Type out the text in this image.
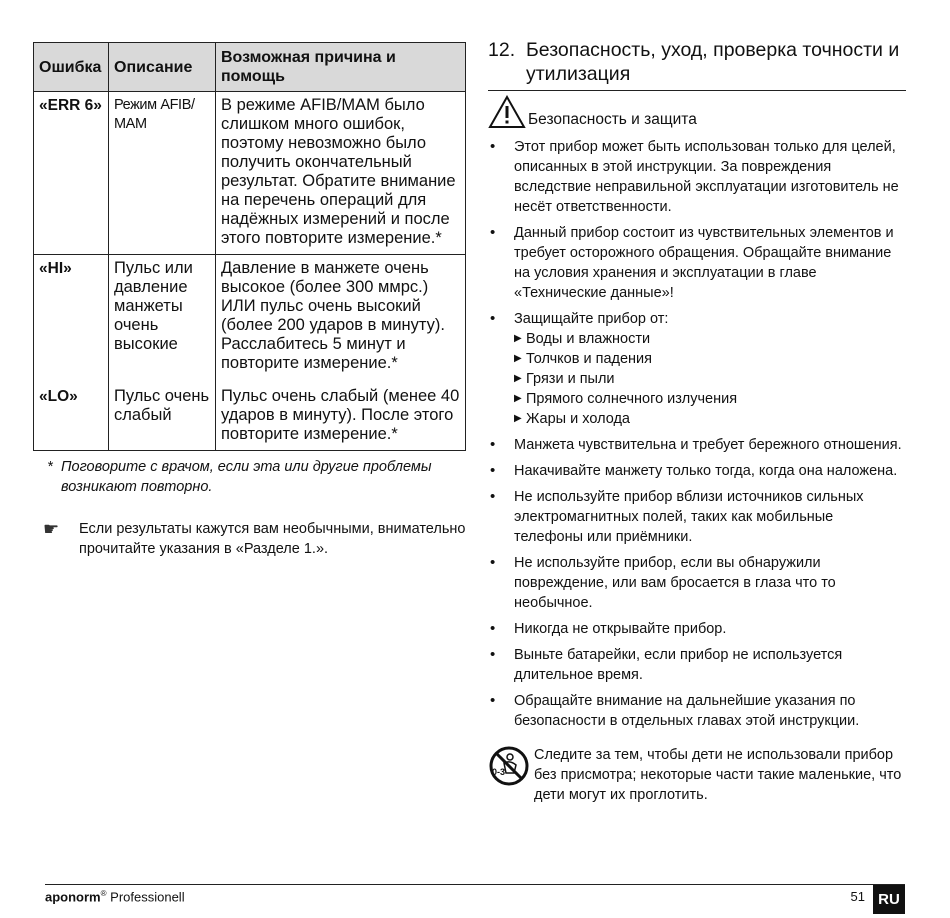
Ошибка	Описание	Возможная причина и помощь
«ERR 6»	Режим AFIB/ МАМ	В режиме AFIB/MAM было слишком много ошибок, поэтому невозможно было получить окончательный результат. Обратите внимание на перечень операций для надёжных измерений и после этого повторите измерение.*
«HI»	Пульс или давление манжеты очень высокие	Давление в манжете очень высокое (более 300 ммрс.) ИЛИ пульс очень высокий (более 200 ударов в минуту). Расслабитесь 5 минут и повторите измерение.*
«LO»	Пульс очень слабый	Пульс очень слабый (менее 40 ударов в минуту). После этого повторите измерение.*
* Поговорите с врачом, если эта или другие проблемы возникают повторно.
☛	Если результаты кажутся вам необычными, внимательно прочитайте указания в «Разделе 1.».
12. Безопасность, уход, проверка точности и утилизация
Безопасность и защита
• Этот прибор может быть использован только для целей, описанных в этой инструкции. За повреждения вследствие неправильной эксплуатации изготовитель не несёт ответственности.
• Данный прибор состоит из чувствительных элементов и требует осторожного обращения. Обращайте внимание на условия хранения и эксплуатации в главе «Технические данные»!
• Защищайте прибор от:
▶ Воды и влажности
▶ Толчков и падения
▶ Грязи и пыли
▶ Прямого солнечного излучения
▶ Жары и холода
• Манжета чувствительна и требует бережного отношения.
• Накачивайте манжету только тогда, когда она наложена.
• Не используйте прибор вблизи источников сильных электромагнитных полей, таких как мобильные телефоны или приёмники.
• Не используйте прибор, если вы обнаружили повреждение, или вам бросается в глаза что то необычное.
• Никогда не открывайте прибор.
• Выньте батарейки, если прибор не используется длительное время.
• Обращайте внимание на дальнейшие указания по безопасности в отдельных главах этой инструкции.
0-3
Следите за тем, чтобы дети не использовали прибор без присмотра; некоторые части такие маленькие, что дети могут их проглотить.
aponorm® Professionell	51 RU
